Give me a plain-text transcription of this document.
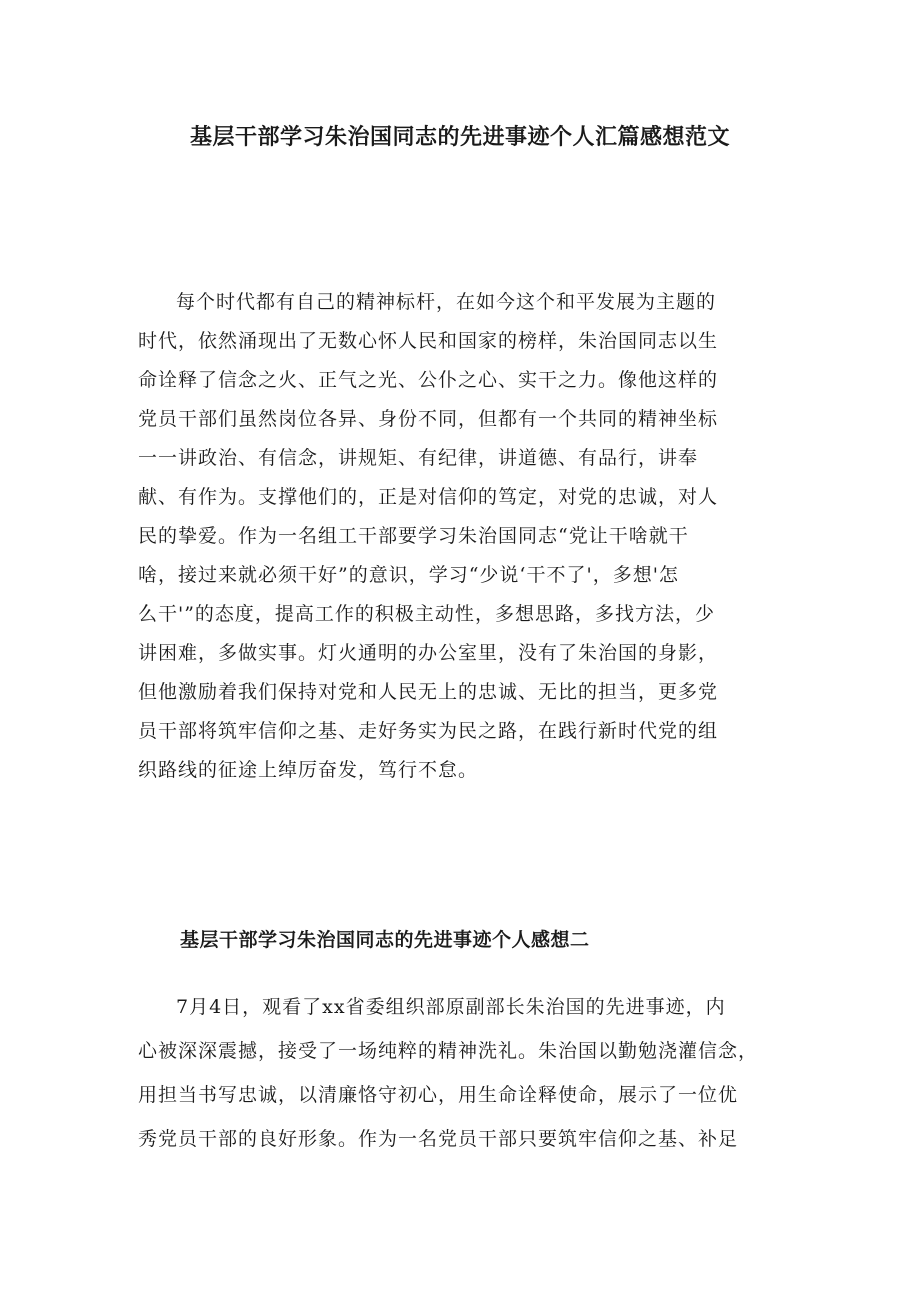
基层干部学习朱治国同志的先进事迹个人汇篇感想范文
每个时代都有自己的精神标杆，在如今这个和平发展为主题的
时代，依然涌现出了无数心怀人民和国家的榜样，朱治国同志以生
命诠释了信念之火、正气之光、公仆之心、实干之力。像他这样的
党员干部们虽然岗位各异、身份不同，但都有一个共同的精神坐标
一一讲政治、有信念，讲规矩、有纪律，讲道德、有品行，讲奉
献、有作为。支撑他们的，正是对信仰的笃定，对党的忠诚，对人
民的挚爱。作为一名组工干部要学习朱治国同志“党让干啥就干
啥，接过来就必须干好”的意识，学习“少说‘干不了'，多想'怎
么干'”的态度，提高工作的积极主动性，多想思路，多找方法，少
讲困难，多做实事。灯火通明的办公室里，没有了朱治国的身影，
但他激励着我们保持对党和人民无上的忠诚、无比的担当，更多党
员干部将筑牢信仰之基、走好务实为民之路，在践行新时代党的组
织路线的征途上绰厉奋发，笃行不怠。
基层干部学习朱治国同志的先进事迹个人感想二
7月4日，观看了xx省委组织部原副部长朱治国的先进事迹，内
心被深深震撼，接受了一场纯粹的精神洗礼。朱治国以勤勉浇灌信念，
用担当书写忠诚，以清廉恪守初心，用生命诠释使命，展示了一位优
秀党员干部的良好形象。作为一名党员干部只要筑牢信仰之基、补足
